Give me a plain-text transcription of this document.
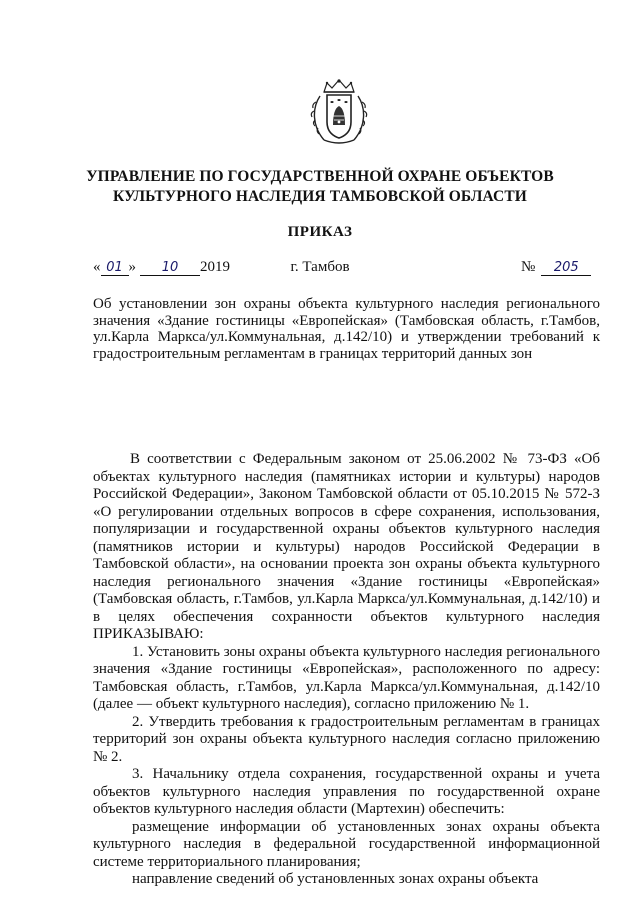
УПРАВЛЕНИЕ ПО ГОСУДАРСТВЕННОЙ ОХРАНЕ ОБЪЕКТОВ
КУЛЬТУРНОГО НАСЛЕДИЯ ТАМБОВСКОЙ ОБЛАСТИ
ПРИКАЗ
« 01 » 10 2019	г. Тамбов	№ 205

Об установлении зон охраны объекта культурного наследия регионального значения «Здание гостиницы «Европейская» (Тамбовская область, г.Тамбов, ул.Карла Маркса/ул.Коммунальная, д.142/10) и утверждении требований к градостроительным регламентам в границах территорий данных зон

В соответствии с Федеральным законом от 25.06.2002 № 73-ФЗ «Об объектах культурного наследия (памятниках истории и культуры) народов Российской Федерации», Законом Тамбовской области от 05.10.2015 № 572-З «О регулировании отдельных вопросов в сфере сохранения, использования, популяризации и государственной охраны объектов культурного наследия (памятников истории и культуры) народов Российской Федерации в Тамбовской области», на основании проекта зон охраны объекта культурного наследия регионального значения «Здание гостиницы «Европейская» (Тамбовская область, г.Тамбов, ул.Карла Маркса/ул.Коммунальная, д.142/10) и в целях обеспечения сохранности объектов культурного наследия ПРИКАЗЫВАЮ:

1. Установить зоны охраны объекта культурного наследия регионального значения «Здание гостиницы «Европейская», расположенного по адресу: Тамбовская область, г.Тамбов, ул.Карла Маркса/ул.Коммунальная, д.142/10 (далее — объект культурного наследия), согласно приложению № 1.

2. Утвердить требования к градостроительным регламентам в границах территорий зон охраны объекта культурного наследия согласно приложению № 2.

3. Начальнику отдела сохранения, государственной охраны и учета объектов культурного наследия управления по государственной охране объектов культурного наследия области (Мартехин) обеспечить:

размещение информации об установленных зонах охраны объекта культурного наследия в федеральной государственной информационной системе территориального планирования;

направление сведений об установленных зонах охраны объекта
